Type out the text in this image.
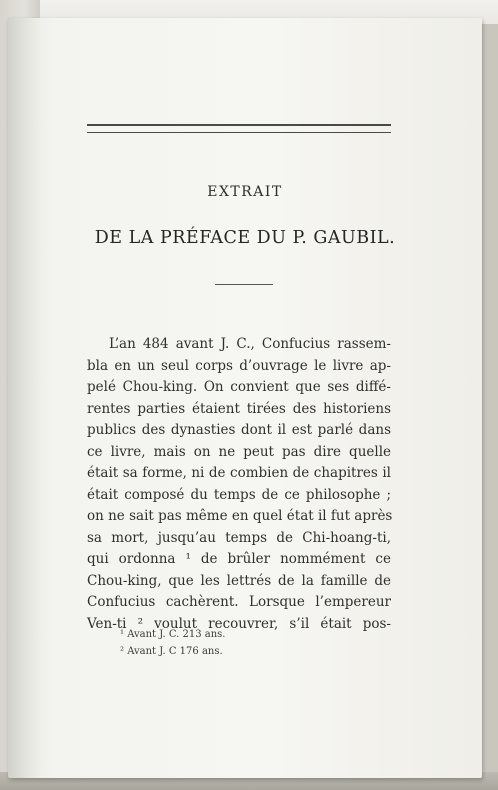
EXTRAIT
DE LA PRÉFACE DU P. GAUBIL.
L’an 484 avant J. C., Confucius rassem-
bla en un seul corps d’ouvrage le livre ap-
pelé Chou-king. On convient que ses diffé-
rentes parties étaient tirées des historiens
publics des dynasties dont il est parlé dans
ce livre, mais on ne peut pas dire quelle
était sa forme, ni de combien de chapitres il
était composé du temps de ce philosophe ;
on ne sait pas même en quel état il fut après
sa mort, jusqu’au temps de Chi-hoang-ti,
qui ordonna ¹ de brûler nommément ce
Chou-king, que les lettrés de la famille de
Confucius cachèrent. Lorsque l’empereur
Ven-ti ² voulut recouvrer, s’il était pos-
¹ Avant J. C. 213 ans.
² Avant J. C 176 ans.
